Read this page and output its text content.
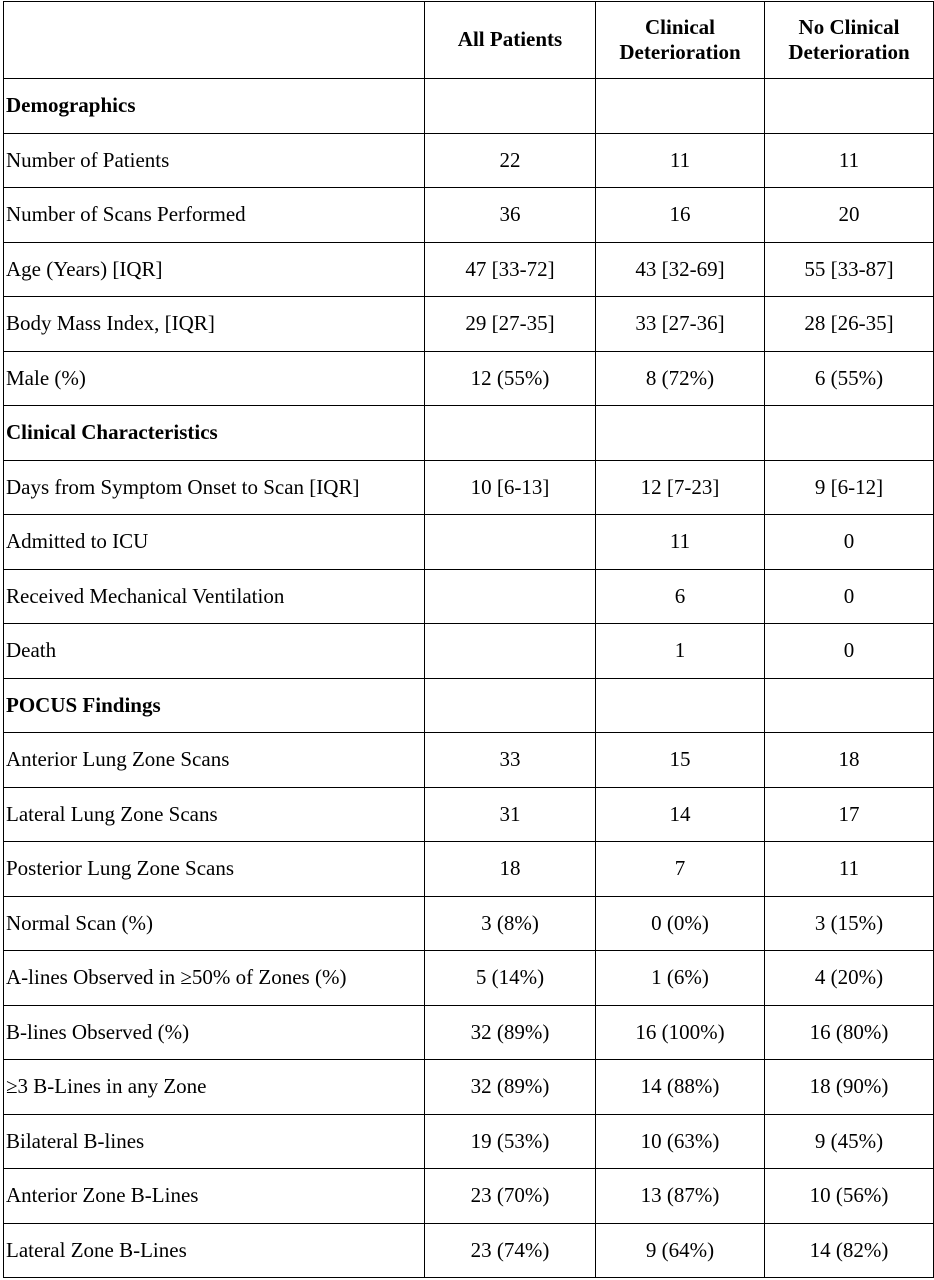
	All Patients	Clinical Deterioration	No Clinical Deterioration
Demographics			
Number of Patients	22	11	11
Number of Scans Performed	36	16	20
Age (Years) [IQR]	47 [33-72]	43 [32-69]	55 [33-87]
Body Mass Index, [IQR]	29 [27-35]	33 [27-36]	28 [26-35]
Male (%)	12 (55%)	8 (72%)	6 (55%)
Clinical Characteristics			
Days from Symptom Onset to Scan [IQR]	10 [6-13]	12 [7-23]	9 [6-12]
Admitted to ICU		11	0
Received Mechanical Ventilation		6	0
Death		1	0
POCUS Findings			
Anterior Lung Zone Scans	33	15	18
Lateral Lung Zone Scans	31	14	17
Posterior Lung Zone Scans	18	7	11
Normal Scan (%)	3 (8%)	0 (0%)	3 (15%)
A-lines Observed in ≥50% of Zones (%)	5 (14%)	1 (6%)	4 (20%)
B-lines Observed (%)	32 (89%)	16 (100%)	16 (80%)
≥3 B-Lines in any Zone	32 (89%)	14 (88%)	18 (90%)
Bilateral B-lines	19 (53%)	10 (63%)	9 (45%)
Anterior Zone B-Lines	23 (70%)	13 (87%)	10 (56%)
Lateral Zone B-Lines	23 (74%)	9 (64%)	14 (82%)
